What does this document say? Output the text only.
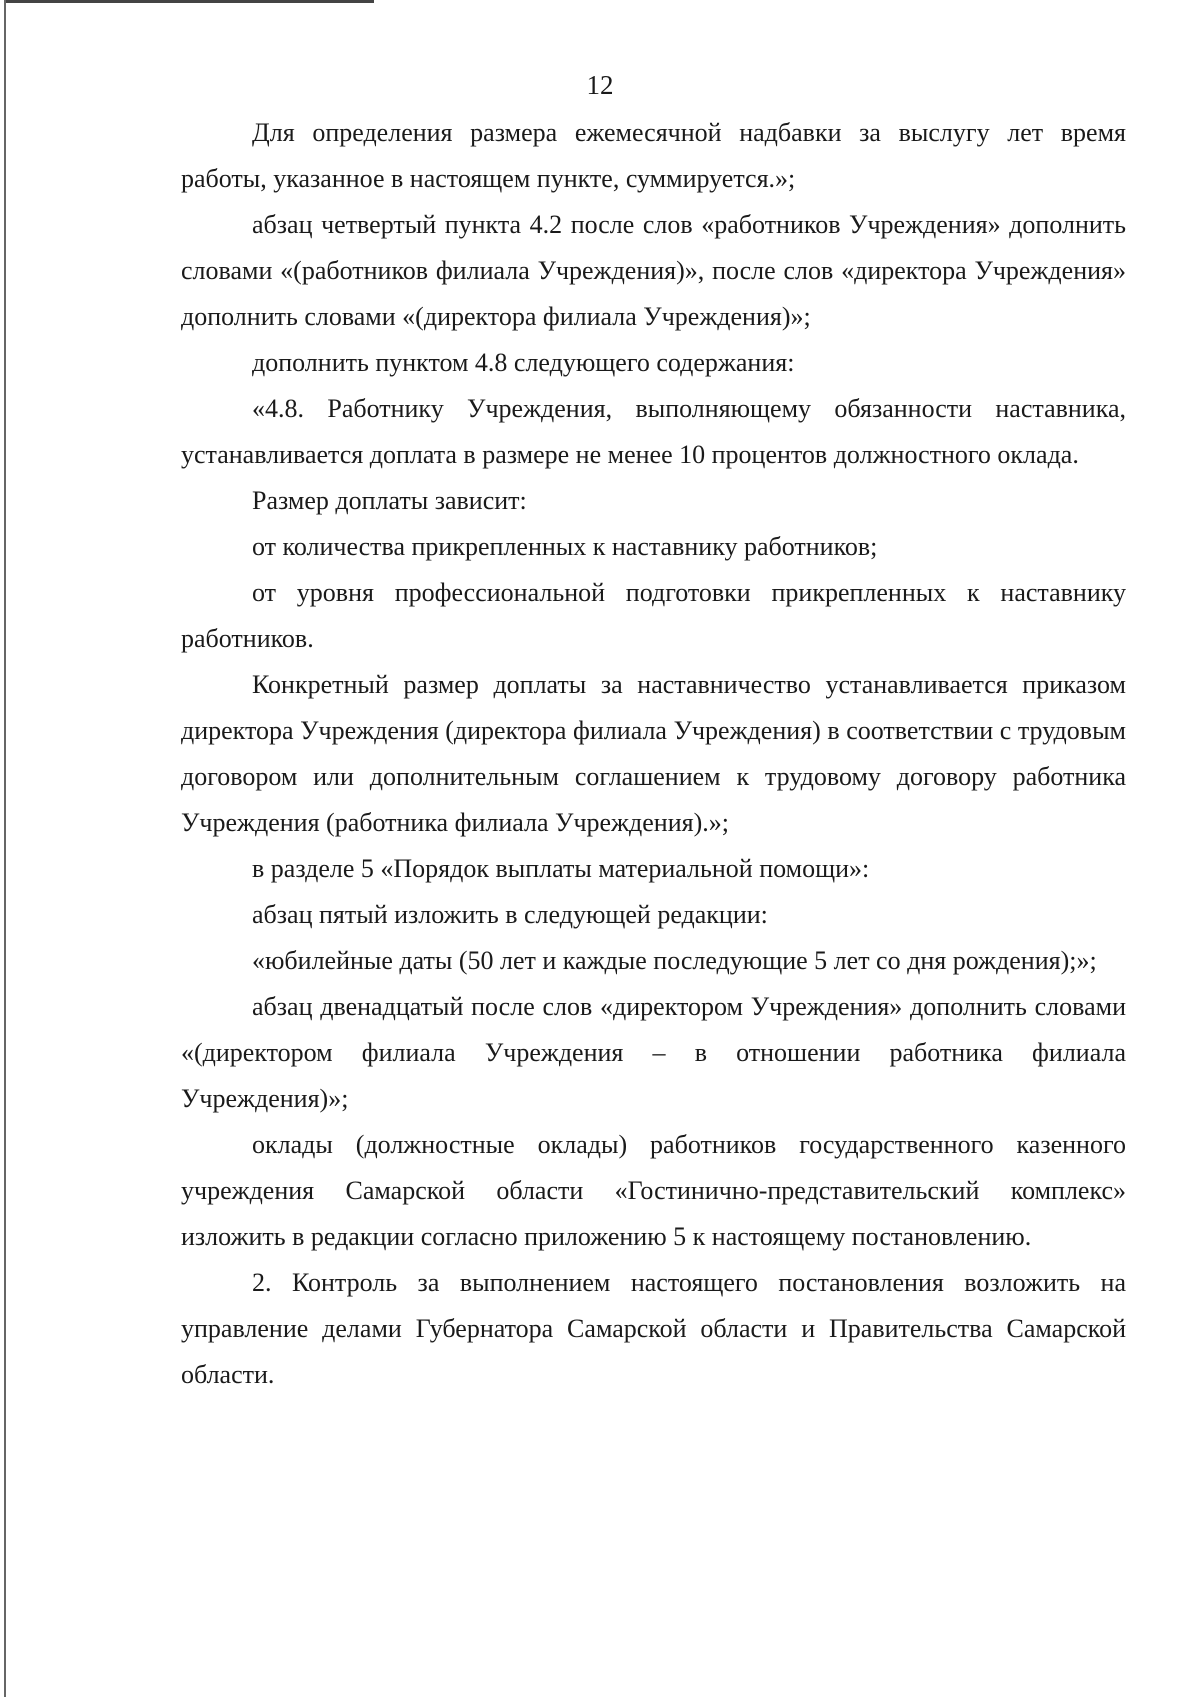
12

Для определения размера ежемесячной надбавки за выслугу лет время работы, указанное в настоящем пункте, суммируется.»;

абзац четвертый пункта 4.2 после слов «работников Учреждения» дополнить словами «(работников филиала Учреждения)», после слов «директора Учреждения» дополнить словами «(директора филиала Учреждения)»;

дополнить пунктом 4.8 следующего содержания:

«4.8. Работнику Учреждения, выполняющему обязанности наставника, устанавливается доплата в размере не менее 10 процентов должностного оклада.

Размер доплаты зависит:

от количества прикрепленных к наставнику работников;

от уровня профессиональной подготовки прикрепленных к наставнику работников.

Конкретный размер доплаты за наставничество устанавливается приказом директора Учреждения (директора филиала Учреждения) в соответствии с трудовым договором или дополнительным соглашением к трудовому договору работника Учреждения (работника филиала Учреждения).»;

в разделе 5 «Порядок выплаты материальной помощи»:

абзац пятый изложить в следующей редакции:

«юбилейные даты (50 лет и каждые последующие 5 лет со дня рождения);»;

абзац двенадцатый после слов «директором Учреждения» дополнить словами «(директором филиала Учреждения – в отношении работника филиала Учреждения)»;

оклады (должностные оклады) работников государственного казенного учреждения Самарской области «Гостинично-представительский комплекс» изложить в редакции согласно приложению 5 к настоящему постановлению.

2. Контроль за выполнением настоящего постановления возложить на управление делами Губернатора Самарской области и Правительства Самарской области.
